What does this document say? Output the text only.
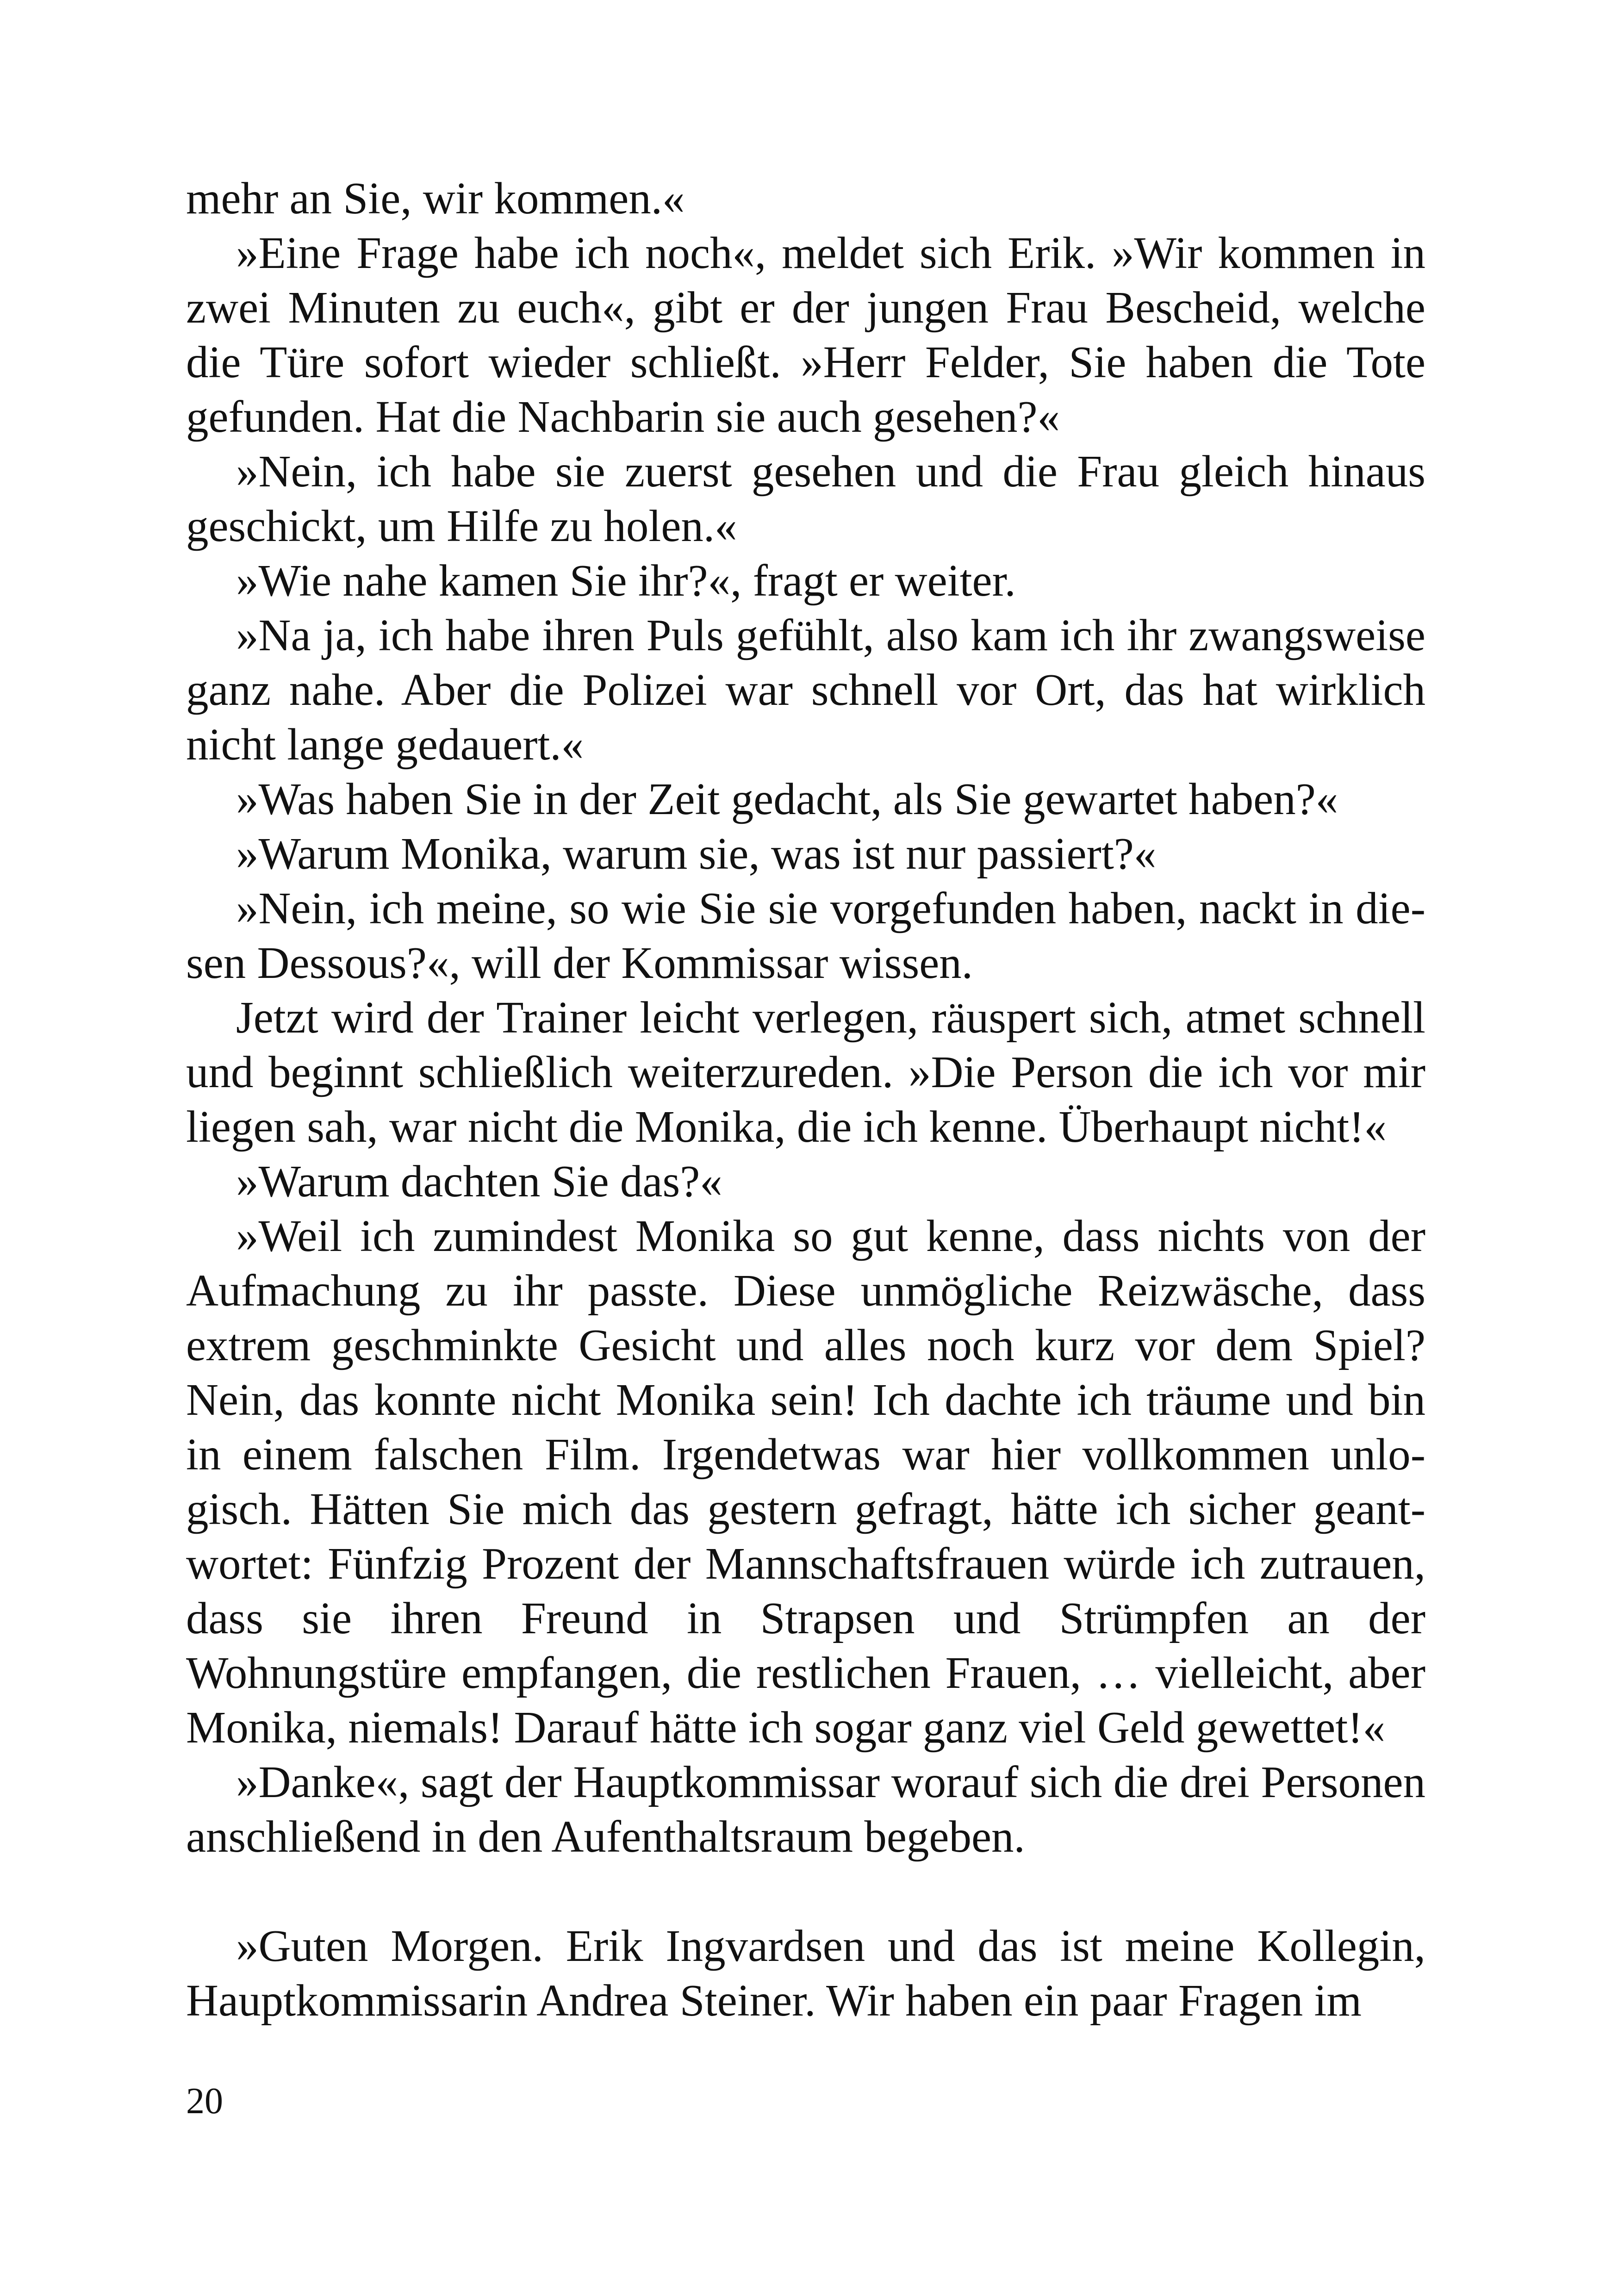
mehr an Sie, wir kommen.«

»Eine Frage habe ich noch«, meldet sich Erik. »Wir kommen in zwei Minuten zu euch«, gibt er der jungen Frau Bescheid, welche die Türe sofort wieder schließt. »Herr Felder, Sie haben die Tote gefunden. Hat die Nachbarin sie auch gesehen?«

»Nein, ich habe sie zuerst gesehen und die Frau gleich hinaus geschickt, um Hilfe zu holen.«

»Wie nahe kamen Sie ihr?«, fragt er weiter.

»Na ja, ich habe ihren Puls gefühlt, also kam ich ihr zwangsweise ganz nahe. Aber die Polizei war schnell vor Ort, das hat wirklich nicht lange gedauert.«

»Was haben Sie in der Zeit gedacht, als Sie gewartet haben?«

»Warum Monika, warum sie, was ist nur passiert?«

»Nein, ich meine, so wie Sie sie vorgefunden haben, nackt in diesen Dessous?«, will der Kommissar wissen.

Jetzt wird der Trainer leicht verlegen, räuspert sich, atmet schnell und beginnt schließlich weiterzureden. »Die Person die ich vor mir liegen sah, war nicht die Monika, die ich kenne. Überhaupt nicht!«

»Warum dachten Sie das?«

»Weil ich zumindest Monika so gut kenne, dass nichts von der Aufmachung zu ihr passte. Diese unmögliche Reizwäsche, dass extrem geschminkte Gesicht und alles noch kurz vor dem Spiel? Nein, das konnte nicht Monika sein! Ich dachte ich träume und bin in einem falschen Film. Irgendetwas war hier vollkommen unlogisch. Hätten Sie mich das gestern gefragt, hätte ich sicher geantwortet: Fünfzig Prozent der Mannschaftsfrauen würde ich zutrauen, dass sie ihren Freund in Strapsen und Strümpfen an der Wohnungstüre empfangen, die restlichen Frauen, … vielleicht, aber Monika, niemals! Darauf hätte ich sogar ganz viel Geld gewettet!«

»Danke«, sagt der Hauptkommissar worauf sich die drei Personen anschließend in den Aufenthaltsraum begeben.

»Guten Morgen. Erik Ingvardsen und das ist meine Kollegin, Hauptkommissarin Andrea Steiner. Wir haben ein paar Fragen im

20
